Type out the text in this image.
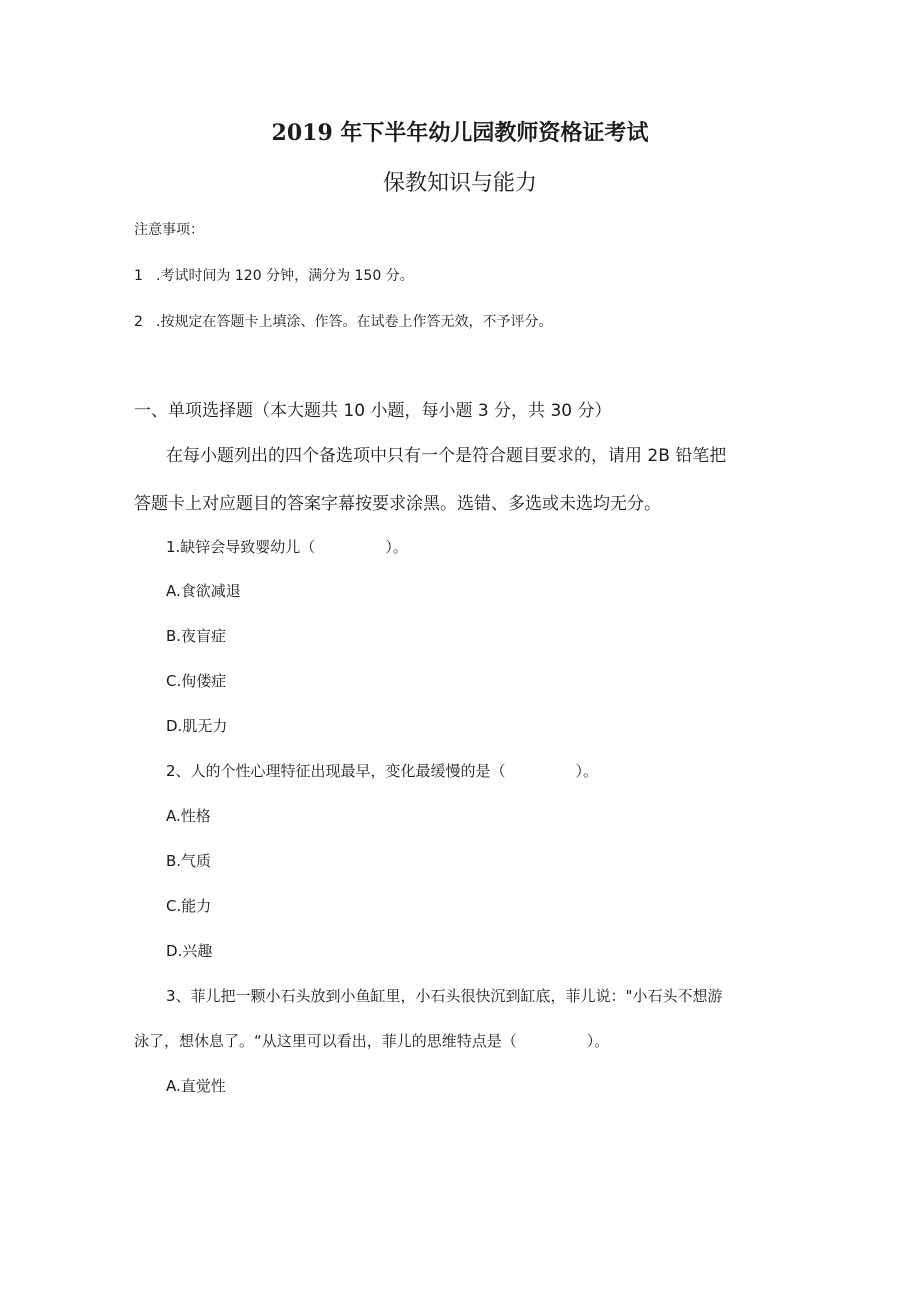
2019 年下半年幼儿园教师资格证考试
保教知识与能力
注意事项：
1 .考试时间为 120 分钟，满分为 150 分。
2 .按规定在答题卡上填涂、作答。在试卷上作答无效，不予评分。
一、单项选择题（本大题共 10 小题，每小题 3 分，共 30 分）
在每小题列出的四个备选项中只有一个是符合题目要求的，请用 2B 铅笔把
答题卡上对应题目的答案字幕按要求涂黑。选错、多选或未选均无分。
1.缺锌会导致婴幼儿（	）。
A.食欲减退
B.夜盲症
C.佝偻症
D.肌无力
2、人的个性心理特征出现最早，变化最缓慢的是（	）。
A.性格
B.气质
C.能力
D.兴趣
3、菲儿把一颗小石头放到小鱼缸里，小石头很快沉到缸底，菲儿说："小石头不想游
泳了，想休息了。“从这里可以看出，菲儿的思维特点是（	）。
A.直觉性
